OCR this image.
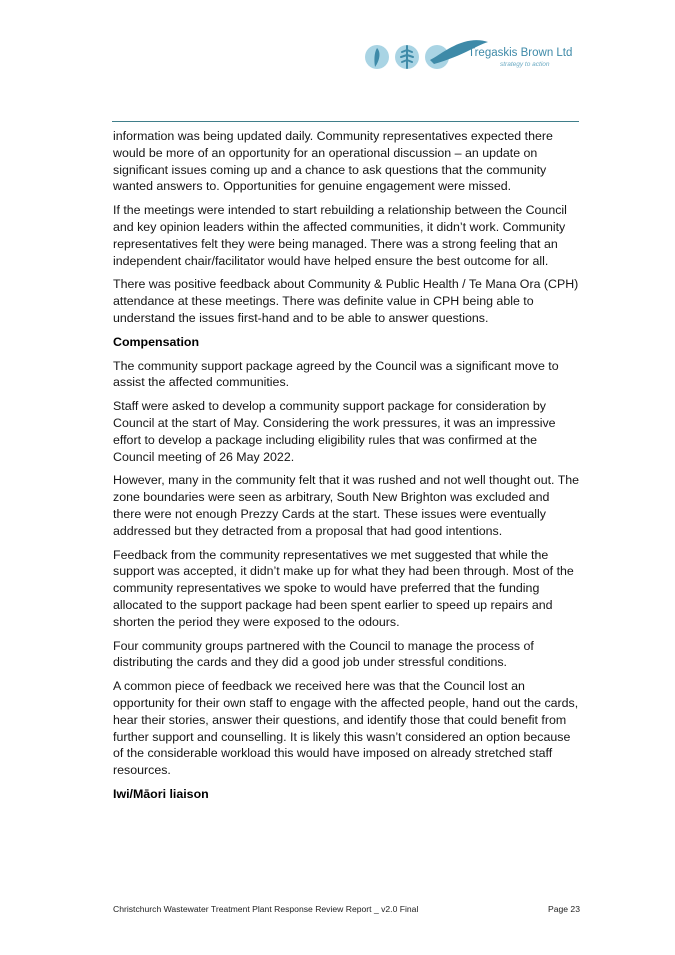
Tregaskis Brown Ltd
strategy to action

information was being updated daily. Community representatives expected there would be more of an opportunity for an operational discussion – an update on significant issues coming up and a chance to ask questions that the community wanted answers to. Opportunities for genuine engagement were missed.

If the meetings were intended to start rebuilding a relationship between the Council and key opinion leaders within the affected communities, it didn’t work. Community representatives felt they were being managed. There was a strong feeling that an independent chair/facilitator would have helped ensure the best outcome for all.

There was positive feedback about Community & Public Health / Te Mana Ora (CPH) attendance at these meetings. There was definite value in CPH being able to understand the issues first-hand and to be able to answer questions.

Compensation

The community support package agreed by the Council was a significant move to assist the affected communities.

Staff were asked to develop a community support package for consideration by Council at the start of May. Considering the work pressures, it was an impressive effort to develop a package including eligibility rules that was confirmed at the Council meeting of 26 May 2022.

However, many in the community felt that it was rushed and not well thought out. The zone boundaries were seen as arbitrary, South New Brighton was excluded and there were not enough Prezzy Cards at the start. These issues were eventually addressed but they detracted from a proposal that had good intentions.

Feedback from the community representatives we met suggested that while the support was accepted, it didn’t make up for what they had been through. Most of the community representatives we spoke to would have preferred that the funding allocated to the support package had been spent earlier to speed up repairs and shorten the period they were exposed to the odours.

Four community groups partnered with the Council to manage the process of distributing the cards and they did a good job under stressful conditions.

A common piece of feedback we received here was that the Council lost an opportunity for their own staff to engage with the affected people, hand out the cards, hear their stories, answer their questions, and identify those that could benefit from further support and counselling. It is likely this wasn’t considered an option because of the considerable workload this would have imposed on already stretched staff resources.

Iwi/Māori liaison

Christchurch Wastewater Treatment Plant Response Review Report _ v2.0 Final	Page 23
